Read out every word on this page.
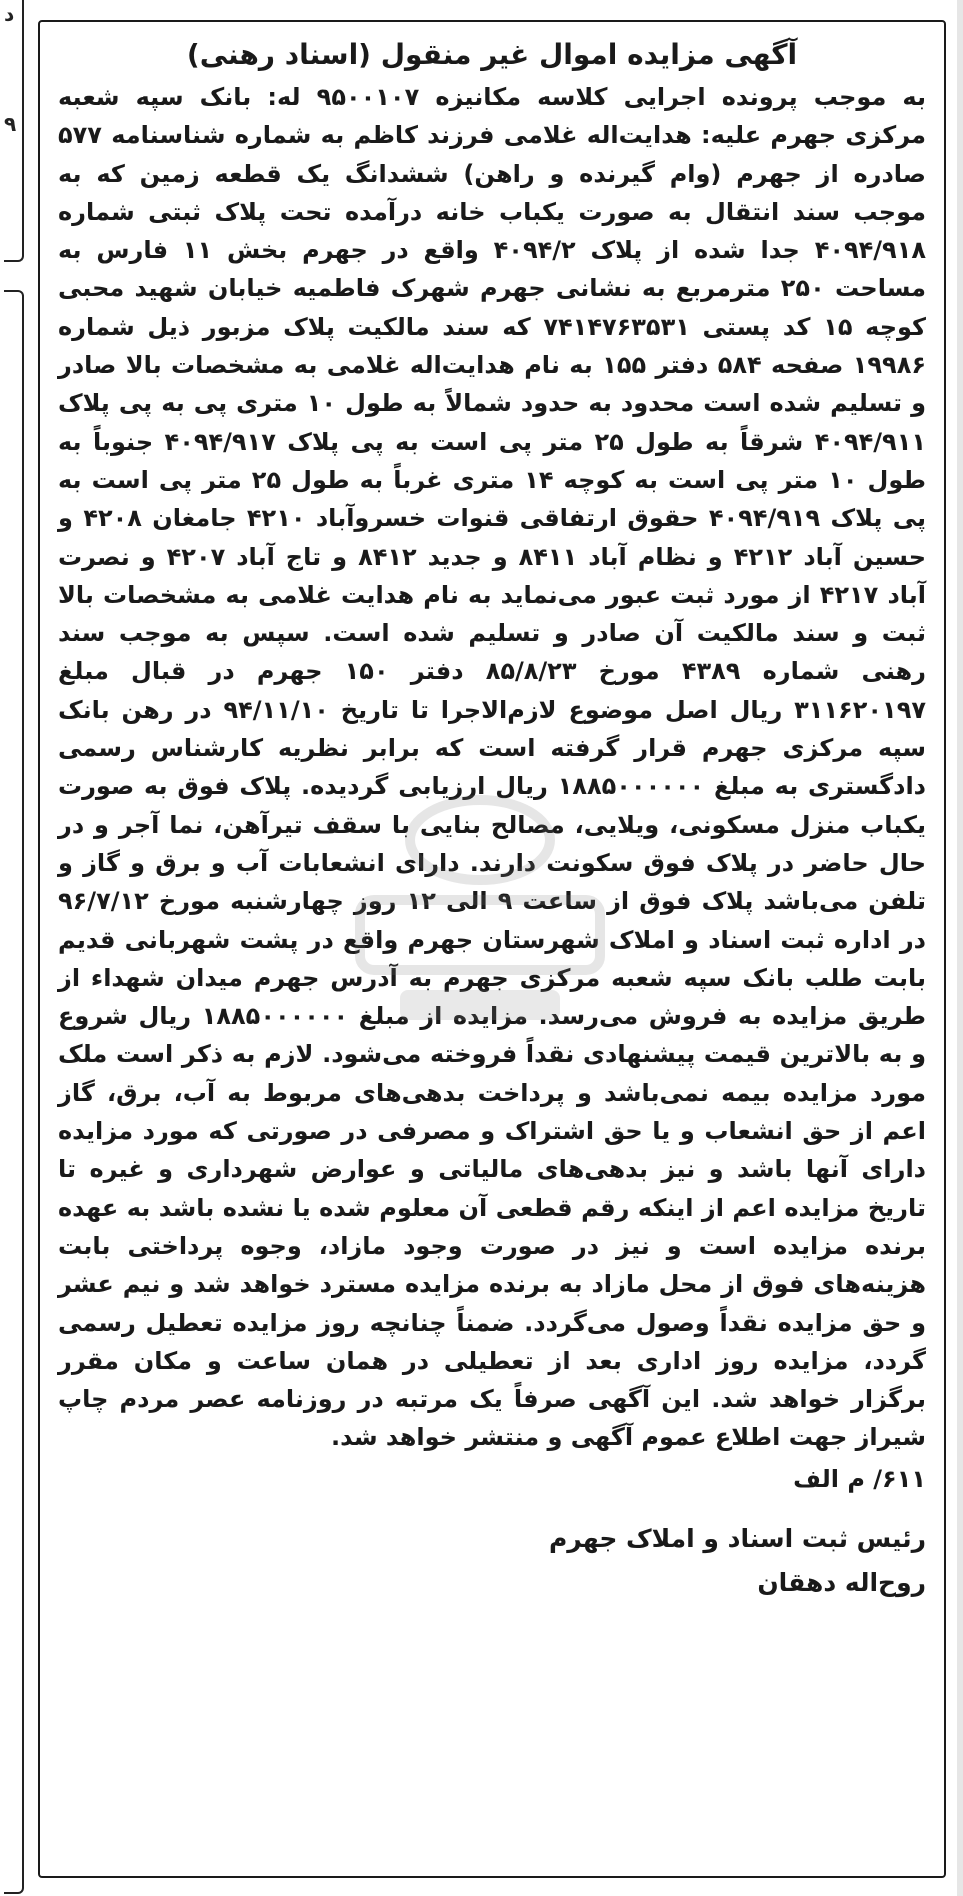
د
۹
آگهی مزایده اموال غیر منقول (اسناد رهنی)

به موجب پرونده اجرایی کلاسه مکانیزه ۹۵۰۰۱۰۷ له: بانک سپه شعبه مرکزی جهرم علیه: هدایت‌اله غلامی فرزند کاظم به شماره شناسنامه ۵۷۷ صادره از جهرم (وام گیرنده و راهن) ششدانگ یک قطعه زمین که به موجب سند انتقال به صورت یکباب خانه درآمده تحت پلاک ثبتی شماره ۴۰۹۴/۹۱۸ جدا شده از پلاک ۴۰۹۴/۲ واقع در جهرم بخش ۱۱ فارس به مساحت ۲۵۰ مترمربع به نشانی جهرم شهرک فاطمیه خیابان شهید محبی کوچه ۱۵ کد پستی ۷۴۱۴۷۶۳۵۳۱ که سند مالکیت پلاک مزبور ذیل شماره ۱۹۹۸۶ صفحه ۵۸۴ دفتر ۱۵۵ به نام هدایت‌اله غلامی به مشخصات بالا صادر و تسلیم شده است محدود به حدود شمالاً به طول ۱۰ متری پی به پی پلاک ۴۰۹۴/۹۱۱ شرقاً به طول ۲۵ متر پی است به پی پلاک ۴۰۹۴/۹۱۷ جنوباً به طول ۱۰ متر پی است به کوچه ۱۴ متری غرباً به طول ۲۵ متر پی است به پی پلاک ۴۰۹۴/۹۱۹ حقوق ارتفاقی قنوات خسروآباد ۴۲۱۰ جامغان ۴۲۰۸ و حسین آباد ۴۲۱۲ و نظام آباد ۸۴۱۱ و جدید ۸۴۱۲ و تاج آباد ۴۲۰۷ و نصرت آباد ۴۲۱۷ از مورد ثبت عبور می‌نماید به نام هدایت غلامی به مشخصات بالا ثبت و سند مالکیت آن صادر و تسلیم شده است. سپس به موجب سند رهنی شماره ۴۳۸۹ مورخ ۸۵/۸/۲۳ دفتر ۱۵۰ جهرم در قبال مبلغ ۳۱۱۶۲۰۱۹۷ ریال اصل موضوع لازم‌الاجرا تا تاریخ ۹۴/۱۱/۱۰ در رهن بانک سپه مرکزی جهرم قرار گرفته است که برابر نظریه کارشناس رسمی دادگستری به مبلغ ۱۸۸۵۰۰۰۰۰۰ ریال ارزیابی گردیده. پلاک فوق به صورت یکباب منزل مسکونی، ویلایی، مصالح بنایی با سقف تیرآهن، نما آجر و در حال حاضر در پلاک فوق سکونت دارند. دارای انشعابات آب و برق و گاز و تلفن می‌باشد پلاک فوق از ساعت ۹ الی ۱۲ روز چهارشنبه مورخ ۹۶/۷/۱۲ در اداره ثبت اسناد و املاک شهرستان جهرم واقع در پشت شهربانی قدیم بابت طلب بانک سپه شعبه مرکزی جهرم به آدرس جهرم میدان شهداء از طریق مزایده به فروش می‌رسد. مزایده از مبلغ ۱۸۸۵۰۰۰۰۰۰ ریال شروع و به بالاترین قیمت پیشنهادی نقداً فروخته می‌شود. لازم به ذکر است ملک مورد مزایده بیمه نمی‌باشد و پرداخت بدهی‌های مربوط به آب، برق، گاز اعم از حق انشعاب و یا حق اشتراک و مصرفی در صورتی که مورد مزایده دارای آنها باشد و نیز بدهی‌های مالیاتی و عوارض شهرداری و غیره تا تاریخ مزایده اعم از اینکه رقم قطعی آن معلوم شده یا نشده باشد به عهده برنده مزایده است و نیز در صورت وجود مازاد، وجوه پرداختی بابت هزینه‌های فوق از محل مازاد به برنده مزایده مسترد خواهد شد و نیم عشر و حق مزایده نقداً وصول می‌گردد. ضمناً چنانچه روز مزایده تعطیل رسمی گردد، مزایده روز اداری بعد از تعطیلی در همان ساعت و مکان مقرر برگزار خواهد شد. این آگهی صرفاً یک مرتبه در روزنامه عصر مردم چاپ شیراز جهت اطلاع عموم آگهی و منتشر خواهد شد.

۶۱۱/ م الف
رئیس ثبت اسناد و املاک جهرم
روح‌اله دهقان
